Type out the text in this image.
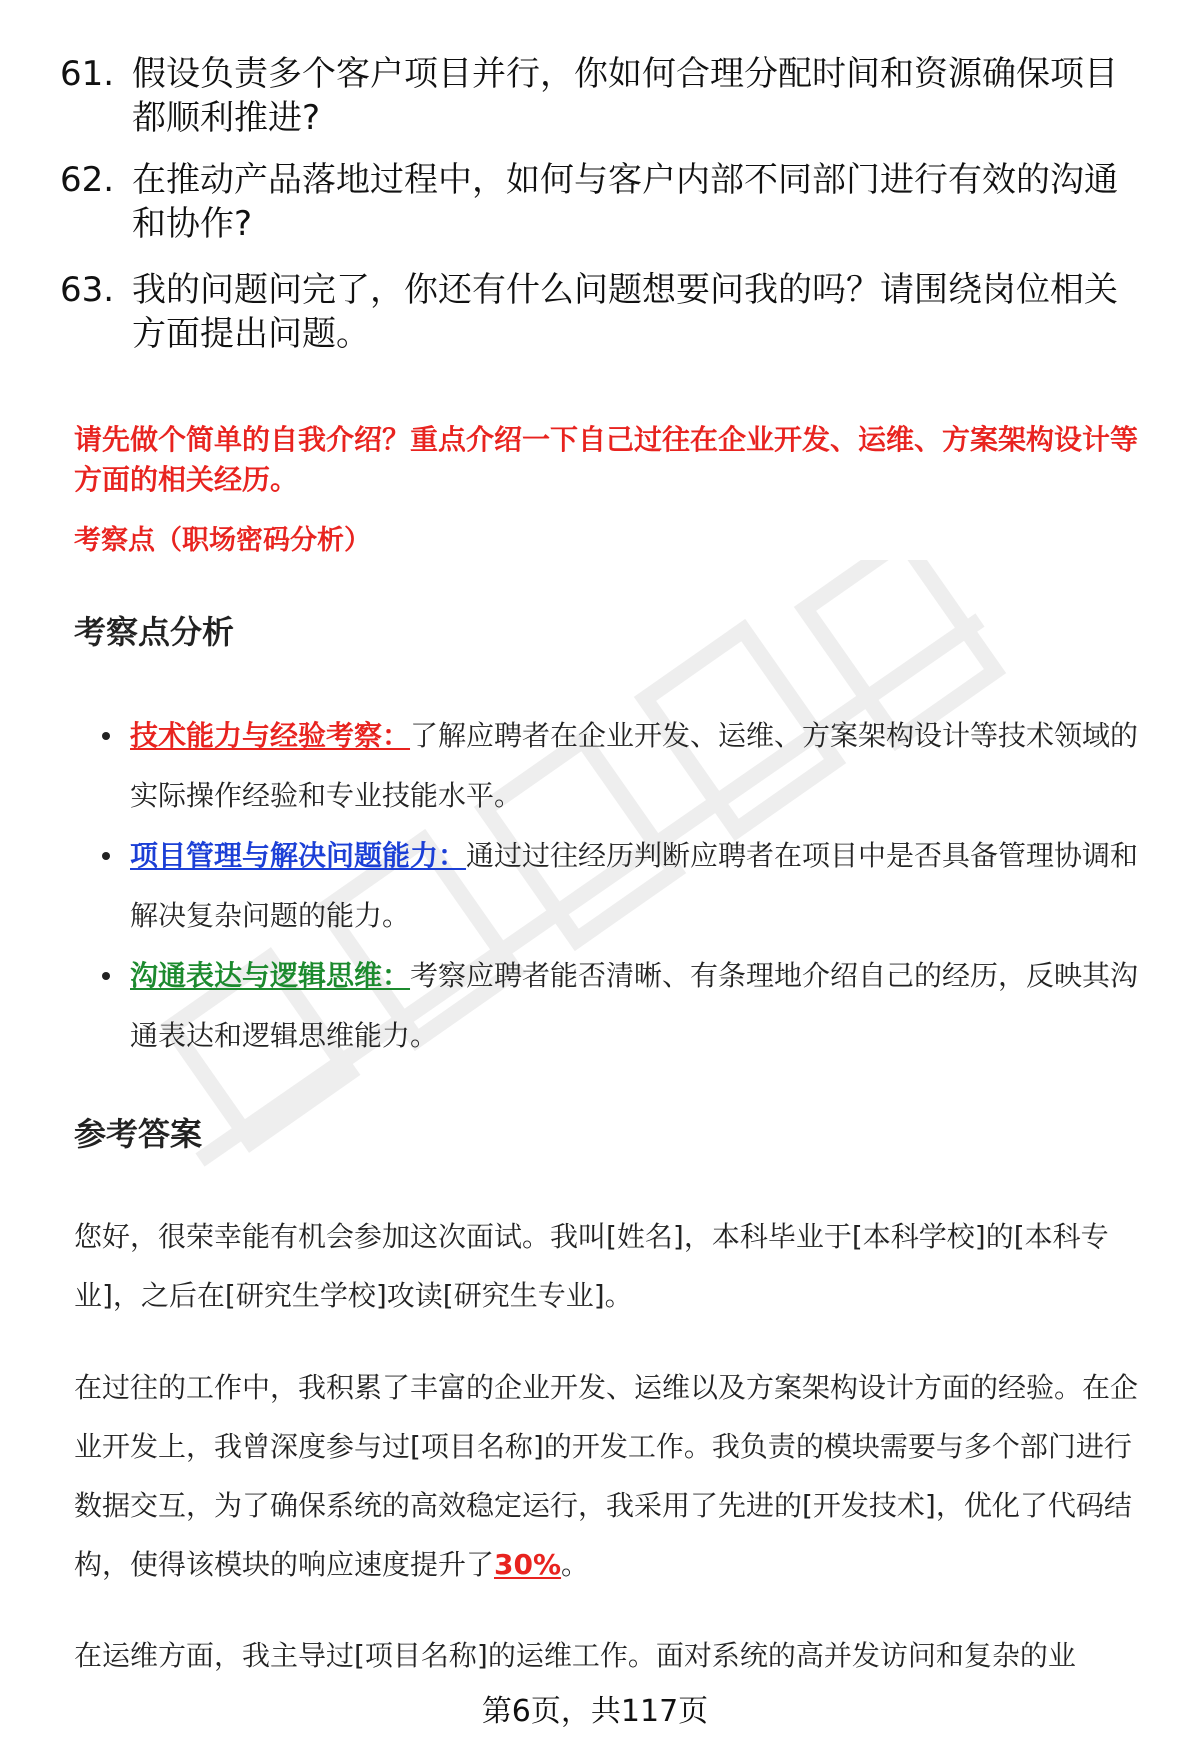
61. 假设负责多个客户项目并行，你如何合理分配时间和资源确保项目都顺利推进?
62. 在推动产品落地过程中，如何与客户内部不同部门进行有效的沟通和协作?
63. 我的问题问完了，你还有什么问题想要问我的吗？请围绕岗位相关方面提出问题。
请先做个简单的自我介绍？重点介绍一下自己过往在企业开发、运维、方案架构设计等方面的相关经历。
考察点（职场密码分析）
考察点分析
技术能力与经验考察：了解应聘者在企业开发、运维、方案架构设计等技术领域的实际操作经验和专业技能水平。
项目管理与解决问题能力：通过过往经历判断应聘者在项目中是否具备管理协调和解决复杂问题的能力。
沟通表达与逻辑思维：考察应聘者能否清晰、有条理地介绍自己的经历，反映其沟通表达和逻辑思维能力。
参考答案
您好，很荣幸能有机会参加这次面试。我叫[姓名]，本科毕业于[本科学校]的[本科专业]，之后在[研究生学校]攻读[研究生专业]。
在过往的工作中，我积累了丰富的企业开发、运维以及方案架构设计方面的经验。在企业开发上，我曾深度参与过[项目名称]的开发工作。我负责的模块需要与多个部门进行数据交互，为了确保系统的高效稳定运行，我采用了先进的[开发技术]，优化了代码结构，使得该模块的响应速度提升了30%。
在运维方面，我主导过[项目名称]的运维工作。面对系统的高并发访问和复杂的业
第6页，共117页
